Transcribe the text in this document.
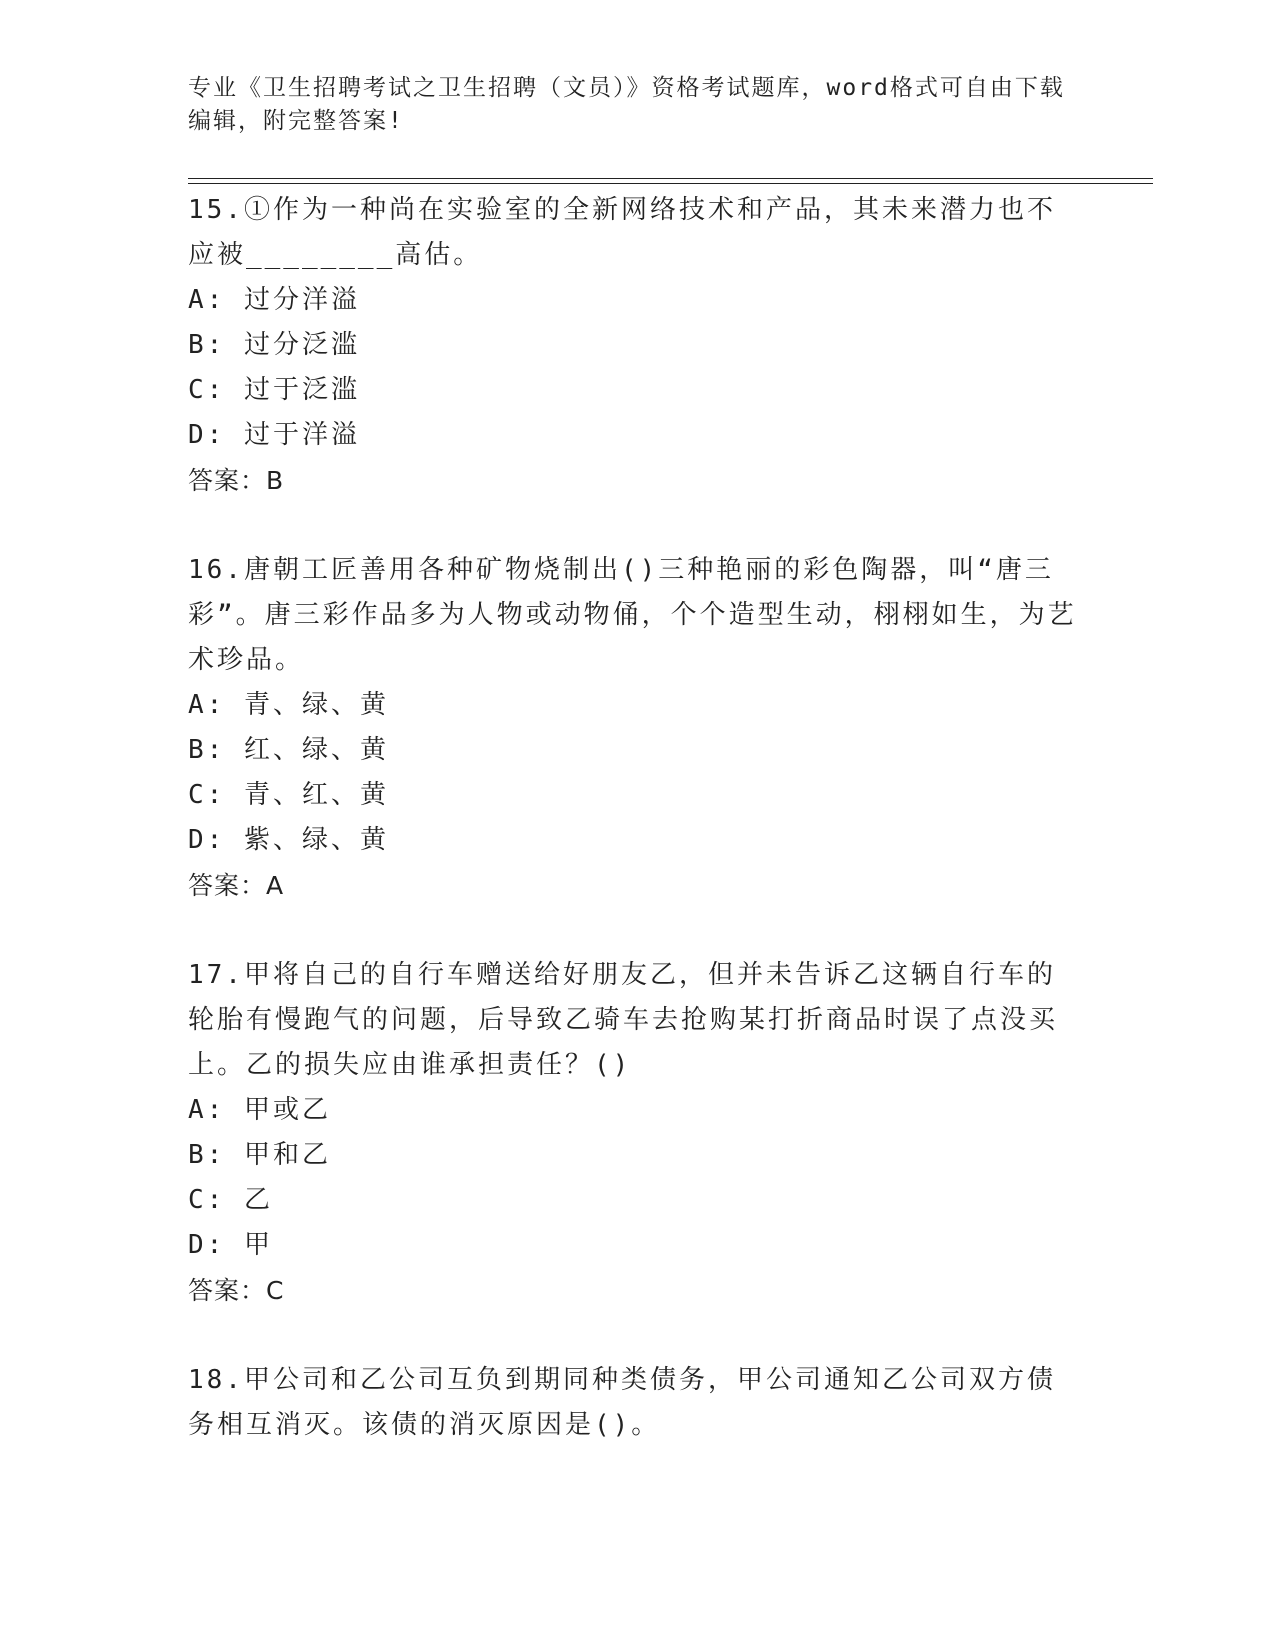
专业《卫生招聘考试之卫生招聘（文员）》资格考试题库，word格式可自由下载
编辑，附完整答案!

15.①作为一种尚在实验室的全新网络技术和产品，其未来潜力也不应被________高估。

A: 过分洋溢

B: 过分泛滥

C: 过于泛滥

D: 过于洋溢

答案：B

16.唐朝工匠善用各种矿物烧制出()三种艳丽的彩色陶器，叫“唐三彩”。唐三彩作品多为人物或动物俑，个个造型生动，栩栩如生，为艺术珍品。

A: 青、绿、黄

B: 红、绿、黄

C: 青、红、黄

D: 紫、绿、黄

答案：A

17.甲将自己的自行车赠送给好朋友乙，但并未告诉乙这辆自行车的轮胎有慢跑气的问题，后导致乙骑车去抢购某打折商品时误了点没买上。乙的损失应由谁承担责任？()

A: 甲或乙

B: 甲和乙

C: 乙

D: 甲

答案：C

18.甲公司和乙公司互负到期同种类债务，甲公司通知乙公司双方债务相互消灭。该债的消灭原因是()。
